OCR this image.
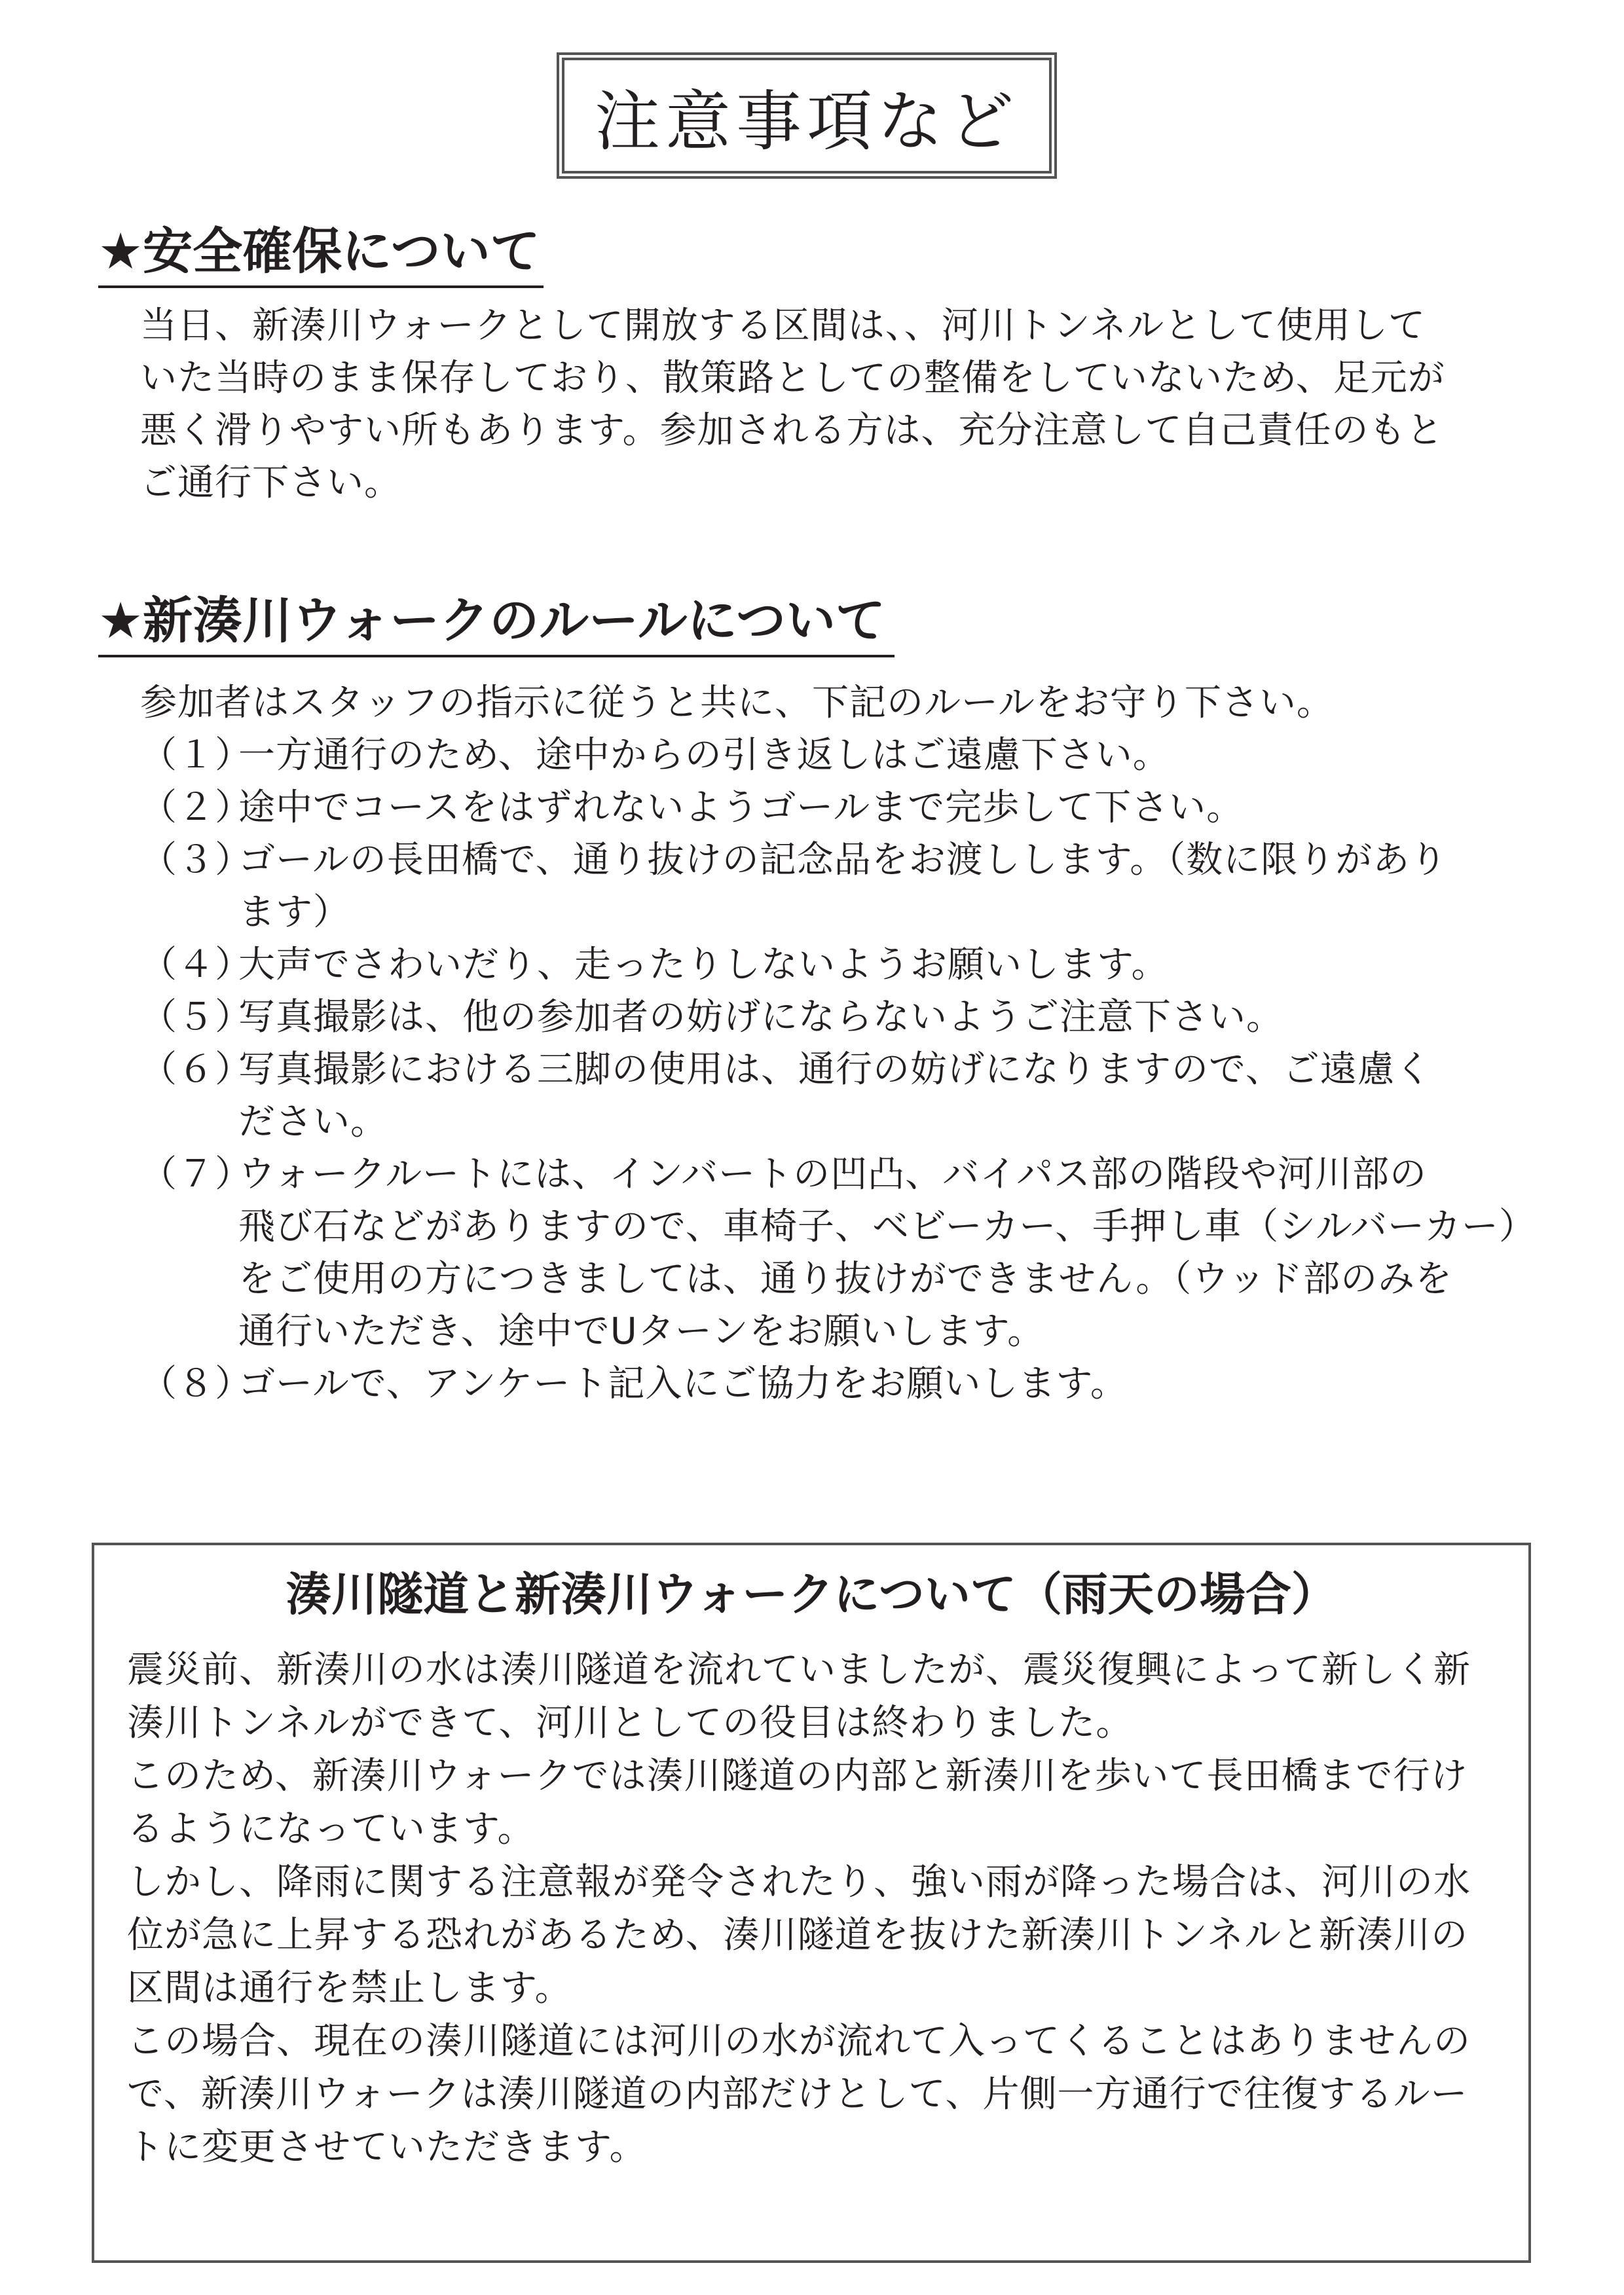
注意事項など
★安全確保について
当日、新湊川ウォークとして開放する区間は、、河川トンネルとして使用して
いた当時のまま保存しており、散策路としての整備をしていないため、足元が
悪く滑りやすい所もあります。参加される方は、充分注意して自己責任のもと
ご通行下さい。
★新湊川ウォークのルールについて
参加者はスタッフの指示に従うと共に、下記のルールをお守り下さい。
（１）
一方通行のため、途中からの引き返しはご遠慮下さい。
（２）
途中でコースをはずれないようゴールまで完歩して下さい。
（３）
ゴールの長田橋で、通り抜けの記念品をお渡しします。（数に限りがあり
ます）
（４）
大声でさわいだり、走ったりしないようお願いします。
（５）
写真撮影は、他の参加者の妨げにならないようご注意下さい。
（６）
写真撮影における三脚の使用は、通行の妨げになりますので、ご遠慮く
ださい。
（７）
ウォークルートには、インバートの凹凸、バイパス部の階段や河川部の
飛び石などがありますので、車椅子、ベビーカー、手押し車（シルバーカー）
をご使用の方につきましては、通り抜けができません。（ウッド部のみを
通行いただき、途中でUターンをお願いします。
（８）
ゴールで、アンケート記入にご協力をお願いします。
湊川隧道と新湊川ウォークについて（雨天の場合）
震災前、新湊川の水は湊川隧道を流れていましたが、震災復興によって新しく新
湊川トンネルができて、河川としての役目は終わりました。
このため、新湊川ウォークでは湊川隧道の内部と新湊川を歩いて長田橋まで行け
るようになっています。
しかし、降雨に関する注意報が発令されたり、強い雨が降った場合は、河川の水
位が急に上昇する恐れがあるため、湊川隧道を抜けた新湊川トンネルと新湊川の
区間は通行を禁止します。
この場合、現在の湊川隧道には河川の水が流れて入ってくることはありませんの
で、新湊川ウォークは湊川隧道の内部だけとして、片側一方通行で往復するルー
トに変更させていただきます。
